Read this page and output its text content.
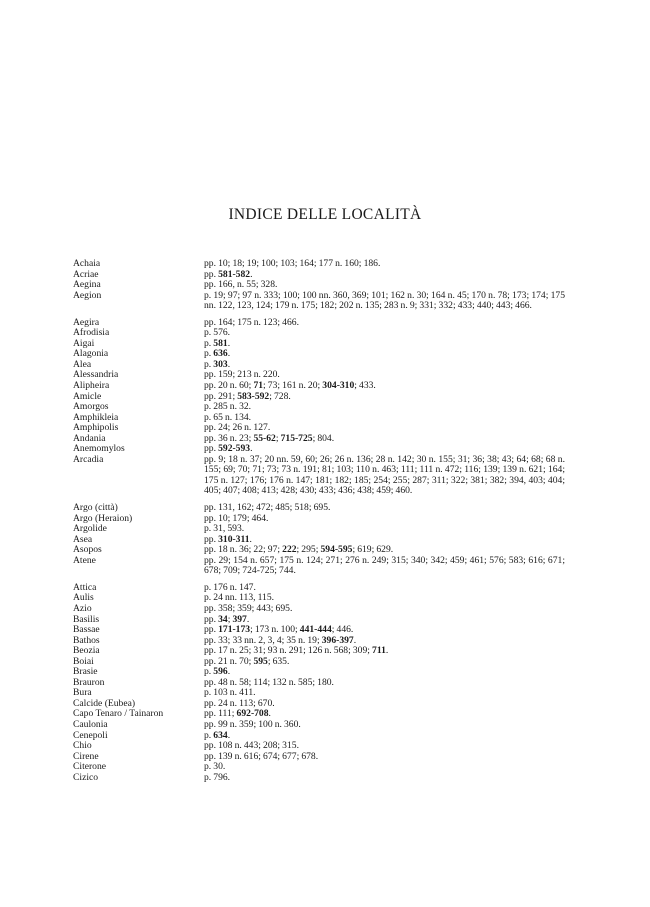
INDICE DELLE LOCALITÀ
Achaia	pp. 10; 18; 19; 100; 103; 164; 177 n. 160; 186.
Acriae	pp. 581-582.
Aegina	pp. 166, n. 55; 328.
Aegion	p. 19; 97; 97 n. 333; 100; 100 nn. 360, 369; 101; 162 n. 30; 164 n. 45; 170 n. 78; 173; 174; 175 nn. 122, 123, 124; 179 n. 175; 182; 202 n. 135; 283 n. 9; 331; 332; 433; 440; 443; 466.
Aegira	pp. 164; 175 n. 123; 466.
Afrodisia	p. 576.
Aigai	p. 581.
Alagonia	p. 636.
Alea	p. 303.
Alessandria	pp. 159; 213 n. 220.
Alipheira	pp. 20 n. 60; 71; 73; 161 n. 20; 304-310; 433.
Amicle	pp. 291; 583-592; 728.
Amorgos	p. 285 n. 32.
Amphikleia	p. 65 n. 134.
Amphipolis	pp. 24; 26 n. 127.
Andania	pp. 36 n. 23; 55-62; 715-725; 804.
Anemomylos	pp. 592-593.
Arcadia	pp. 9; 18 n. 37; 20 nn. 59, 60; 26; 26 n. 136; 28 n. 142; 30 n. 155; 31; 36; 38; 43; 64; 68; 68 n. 155; 69; 70; 71; 73; 73 n. 191; 81; 103; 110 n. 463; 111; 111 n. 472; 116; 139; 139 n. 621; 164; 175 n. 127; 176; 176 n. 147; 181; 182; 185; 254; 255; 287; 311; 322; 381; 382; 394, 403; 404; 405; 407; 408; 413; 428; 430; 433; 436; 438; 459; 460.
Argo (città)	pp. 131, 162; 472; 485; 518; 695.
Argo (Heraion)	pp. 10; 179; 464.
Argolide	p. 31, 593.
Asea	pp. 310-311.
Asopos	pp. 18 n. 36; 22; 97; 222; 295; 594-595; 619; 629.
Atene	pp. 29; 154 n. 657; 175 n. 124; 271; 276 n. 249; 315; 340; 342; 459; 461; 576; 583; 616; 671; 678; 709; 724-725; 744.
Attica	p. 176 n. 147.
Aulis	p. 24 nn. 113, 115.
Azio	pp. 358; 359; 443; 695.
Basilis	pp. 34; 397.
Bassae	pp. 171-173; 173 n. 100; 441-444; 446.
Bathos	pp. 33; 33 nn. 2, 3, 4; 35 n. 19; 396-397.
Beozia	pp. 17 n. 25; 31; 93 n. 291; 126 n. 568; 309; 711.
Boiai	pp. 21 n. 70; 595; 635.
Brasie	p. 596.
Brauron	pp. 48 n. 58; 114; 132 n. 585; 180.
Bura	p. 103 n. 411.
Calcide (Eubea)	pp. 24 n. 113; 670.
Capo Tenaro / Tainaron	pp. 111; 692-708.
Caulonia	pp. 99 n. 359; 100 n. 360.
Cenepoli	p. 634.
Chio	pp. 108 n. 443; 208; 315.
Cirene	pp. 139 n. 616; 674; 677; 678.
Citerone	p. 30.
Cizico	p. 796.
